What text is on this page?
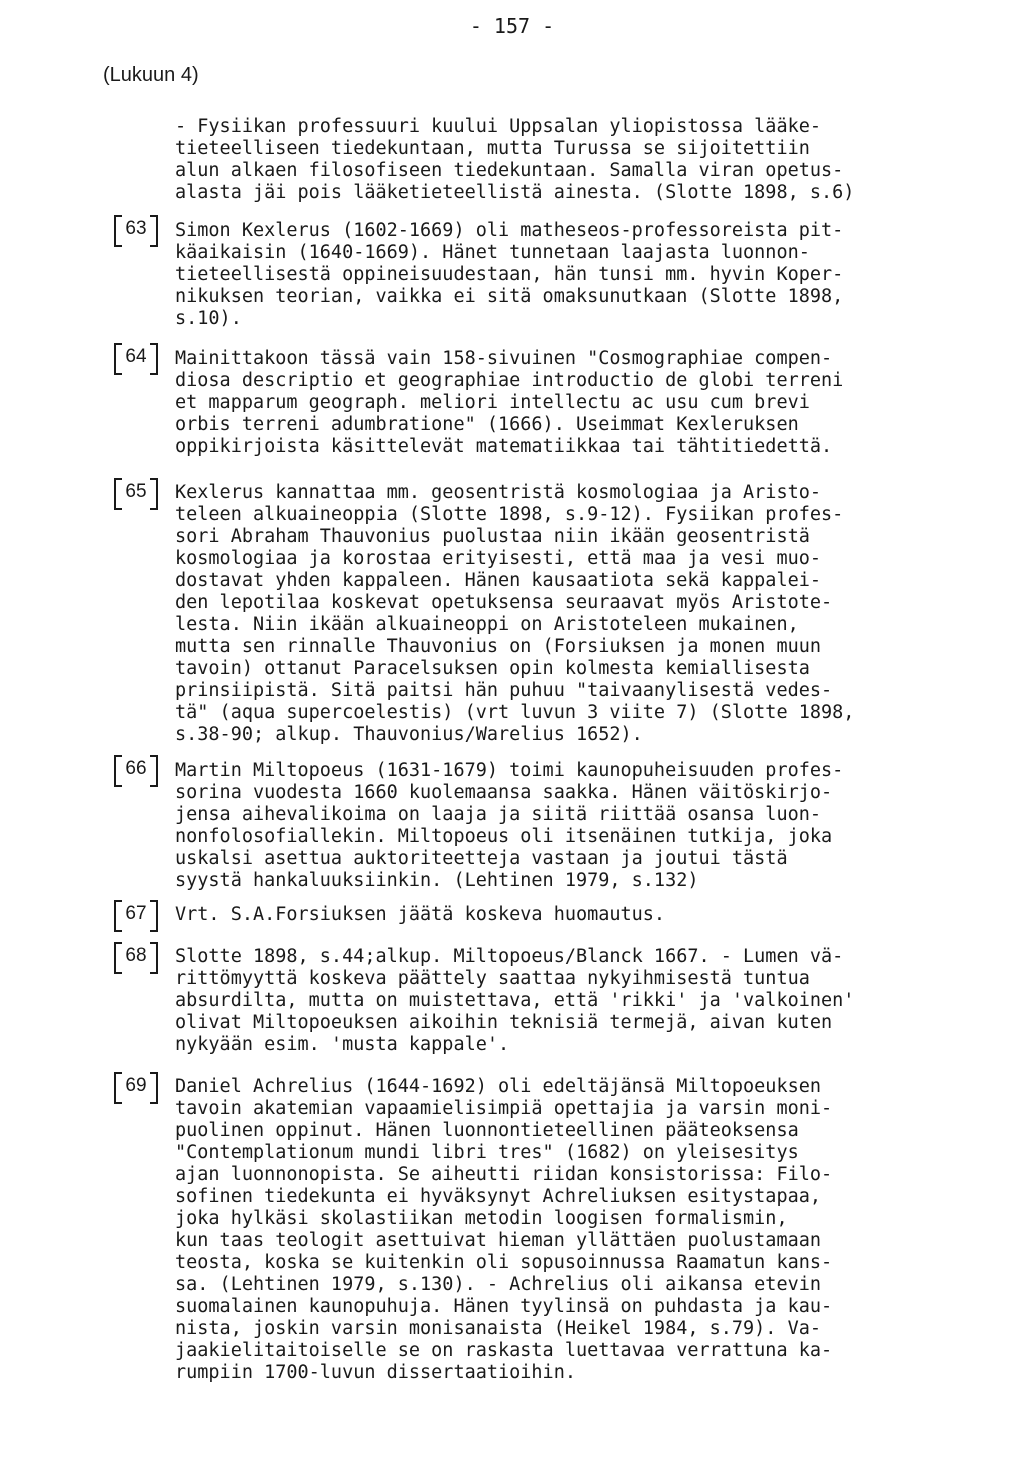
- 157 -
(Lukuun 4)
- Fysiikan professuuri kuului Uppsalan yliopistossa lääke-
tieteelliseen tiedekuntaan, mutta Turussa se sijoitettiin
alun alkaen filosofiseen tiedekuntaan. Samalla viran opetus-
alasta jäi pois lääketieteellistä ainesta. (Slotte 1898, s.6)
63	Simon Kexlerus (1602-1669) oli matheseos-professoreista pit-
käaikaisin (1640-1669). Hänet tunnetaan laajasta luonnon-
tieteellisestä oppineisuudestaan, hän tunsi mm. hyvin Koper-
nikuksen teorian, vaikka ei sitä omaksunutkaan (Slotte 1898,
s.10).
64	Mainittakoon tässä vain 158-sivuinen "Cosmographiae compen-
diosa descriptio et geographiae introductio de globi terreni
et mapparum geograph. meliori intellectu ac usu cum brevi
orbis terreni adumbratione" (1666). Useimmat Kexleruksen
oppikirjoista käsittelevät matematiikkaa tai tähtitiedettä.
65	Kexlerus kannattaa mm. geosentristä kosmologiaa ja Aristo-
teleen alkuaineoppia (Slotte 1898, s.9-12). Fysiikan profes-
sori Abraham Thauvonius puolustaa niin ikään geosentristä
kosmologiaa ja korostaa erityisesti, että maa ja vesi muo-
dostavat yhden kappaleen. Hänen kausaatiota sekä kappalei-
den lepotilaa koskevat opetuksensa seuraavat myös Aristote-
lesta. Niin ikään alkuaineoppi on Aristoteleen mukainen,
mutta sen rinnalle Thauvonius on (Forsiuksen ja monen muun
tavoin) ottanut Paracelsuksen opin kolmesta kemiallisesta
prinsiipistä. Sitä paitsi hän puhuu "taivaanylisestä vedes-
tä" (aqua supercoelestis) (vrt luvun 3 viite 7) (Slotte 1898,
s.38-90; alkup. Thauvonius/Warelius 1652).
66	Martin Miltopoeus (1631-1679) toimi kaunopuheisuuden profes-
sorina vuodesta 1660 kuolemaansa saakka. Hänen väitöskirjo-
jensa aihevalikoima on laaja ja siitä riittää osansa luon-
nonfolosofiallekin. Miltopoeus oli itsenäinen tutkija, joka
uskalsi asettua auktoriteetteja vastaan ja joutui tästä
syystä hankaluuksiinkin. (Lehtinen 1979, s.132)
67	Vrt. S.A.Forsiuksen jäätä koskeva huomautus.
68	Slotte 1898, s.44;alkup. Miltopoeus/Blanck 1667. - Lumen vä-
rittömyyttä koskeva päättely saattaa nykyihmisestä tuntua
absurdilta, mutta on muistettava, että 'rikki' ja 'valkoinen'
olivat Miltopoeuksen aikoihin teknisiä termejä, aivan kuten
nykyään esim. 'musta kappale'.
69	Daniel Achrelius (1644-1692) oli edeltäjänsä Miltopoeuksen
tavoin akatemian vapaamielisimpiä opettajia ja varsin moni-
puolinen oppinut. Hänen luonnontieteellinen pääteoksensa
"Contemplationum mundi libri tres" (1682) on yleisesitys
ajan luonnonopista. Se aiheutti riidan konsistorissa: Filo-
sofinen tiedekunta ei hyväksynyt Achreliuksen esitystapaa,
joka hylkäsi skolastiikan metodin loogisen formalismin,
kun taas teologit asettuivat hieman yllättäen puolustamaan
teosta, koska se kuitenkin oli sopusoinnussa Raamatun kans-
sa. (Lehtinen 1979, s.130). - Achrelius oli aikansa etevin
suomalainen kaunopuhuja. Hänen tyylinsä on puhdasta ja kau-
nista, joskin varsin monisanaista (Heikel 1984, s.79). Va-
jaakielitaitoiselle se on raskasta luettavaa verrattuna ka-
rumpiin 1700-luvun dissertaatioihin.
